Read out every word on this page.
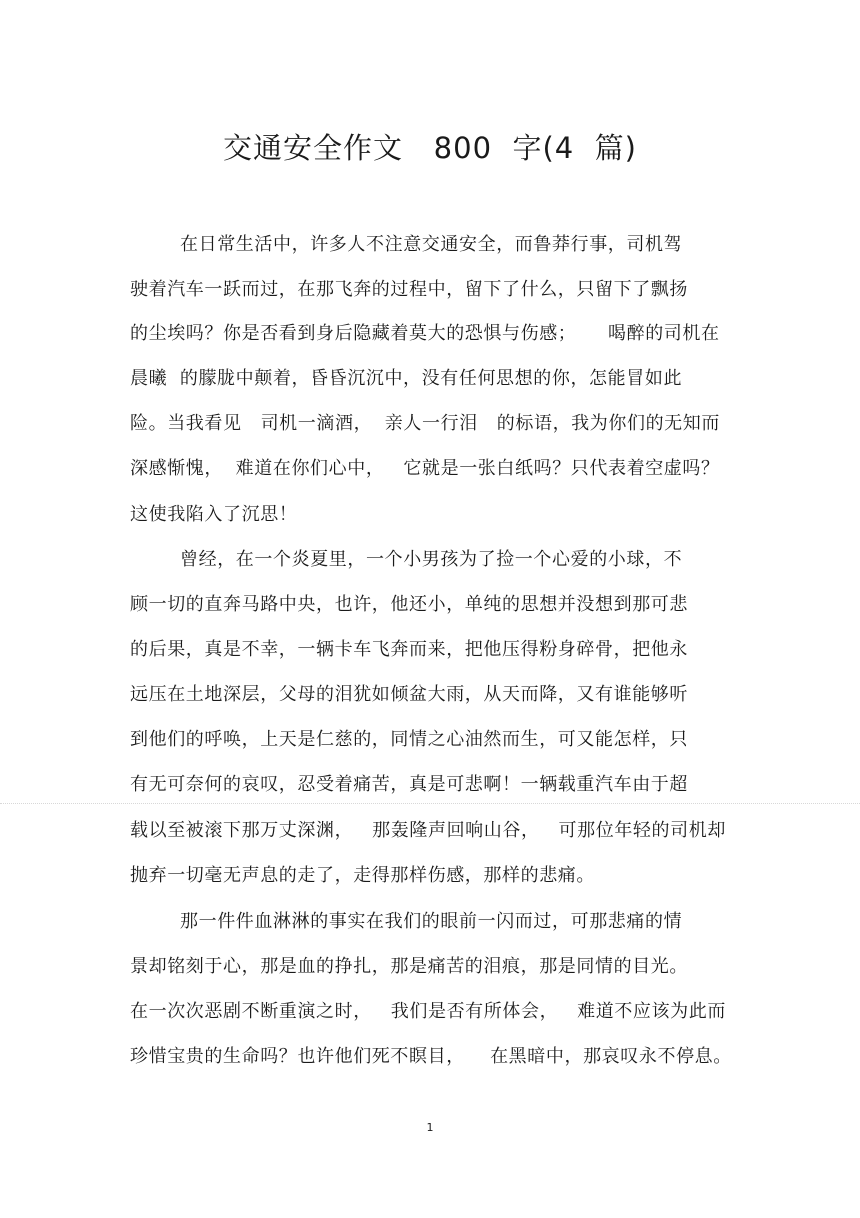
交通安全作文   800  字(4  篇)
在日常生活中，许多人不注意交通安全，而鲁莽行事，司机驾
驶着汽车一跃而过，在那飞奔的过程中，留下了什么，只留下了飘扬
的尘埃吗？你是否看到身后隐藏着莫大的恐惧与伤感；     喝醉的司机在
晨曦  的朦胧中颠着，昏昏沉沉中，没有任何思想的你，怎能冒如此
险。当我看见   司机一滴酒，  亲人一行泪   的标语，我为你们的无知而
深感惭愧，  难道在你们心中，   它就是一张白纸吗？只代表着空虚吗？
这使我陷入了沉思！
曾经，在一个炎夏里，一个小男孩为了捡一个心爱的小球，不
顾一切的直奔马路中央，也许，他还小，单纯的思想并没想到那可悲
的后果，真是不幸，一辆卡车飞奔而来，把他压得粉身碎骨，把他永
远压在土地深层，父母的泪犹如倾盆大雨，从天而降，又有谁能够听
到他们的呼唤，上天是仁慈的，同情之心油然而生，可又能怎样，只
有无可奈何的哀叹，忍受着痛苦，真是可悲啊！一辆载重汽车由于超
载以至被滚下那万丈深渊，   那轰隆声回响山谷，   可那位年轻的司机却
抛弃一切毫无声息的走了，走得那样伤感，那样的悲痛。
那一件件血淋淋的事实在我们的眼前一闪而过，可那悲痛的情
景却铭刻于心，那是血的挣扎，那是痛苦的泪痕，那是同情的目光。
在一次次恶剧不断重演之时，   我们是否有所体会，   难道不应该为此而
珍惜宝贵的生命吗？也许他们死不瞑目，    在黑暗中，那哀叹永不停息。
1
